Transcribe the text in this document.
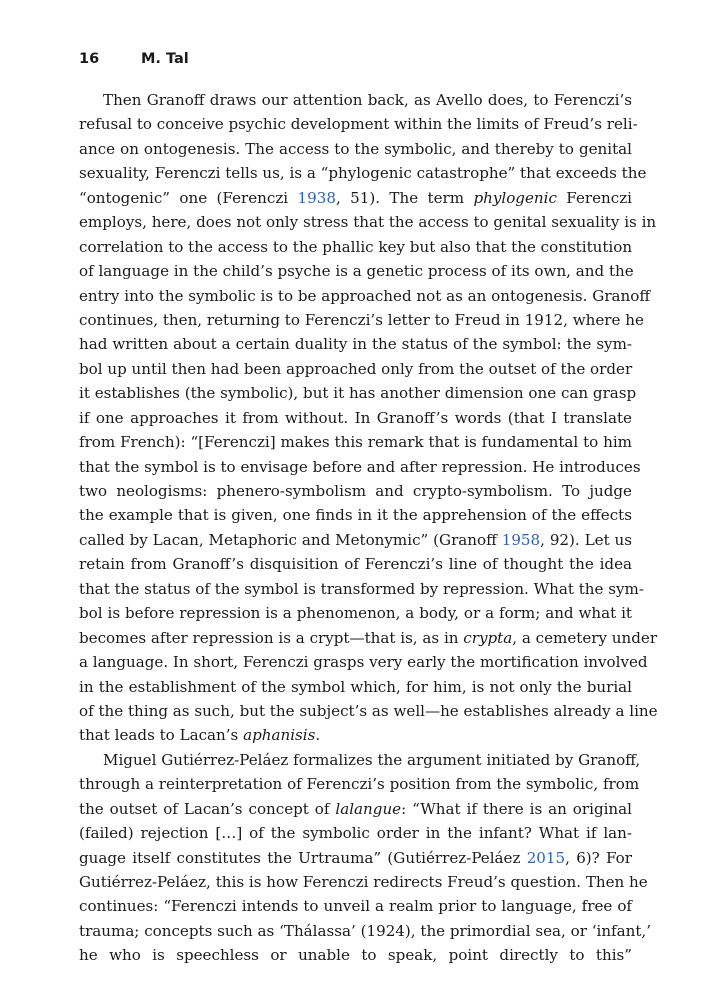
16	M. Tal
Then Granoff draws our attention back, as Avello does, to Ferenczi’s
refusal to conceive psychic development within the limits of Freud’s reli-
ance on ontogenesis. The access to the symbolic, and thereby to genital
sexuality, Ferenczi tells us, is a “phylogenic catastrophe” that exceeds the
“ontogenic” one (Ferenczi 1938, 51). The term phylogenic Ferenczi
employs, here, does not only stress that the access to genital sexuality is in
correlation to the access to the phallic key but also that the constitution
of language in the child’s psyche is a genetic process of its own, and the
entry into the symbolic is to be approached not as an ontogenesis. Granoff
continues, then, returning to Ferenczi’s letter to Freud in 1912, where he
had written about a certain duality in the status of the symbol: the sym-
bol up until then had been approached only from the outset of the order
it establishes (the symbolic), but it has another dimension one can grasp
if one approaches it from without. In Granoff’s words (that I translate
from French): “[Ferenczi] makes this remark that is fundamental to him
that the symbol is to envisage before and after repression. He introduces
two neologisms: phenero-symbolism and crypto-symbolism. To judge
the example that is given, one finds in it the apprehension of the effects
called by Lacan, Metaphoric and Metonymic” (Granoff 1958, 92). Let us
retain from Granoff’s disquisition of Ferenczi’s line of thought the idea
that the status of the symbol is transformed by repression. What the sym-
bol is before repression is a phenomenon, a body, or a form; and what it
becomes after repression is a crypt—that is, as in crypta, a cemetery under
a language. In short, Ferenczi grasps very early the mortification involved
in the establishment of the symbol which, for him, is not only the burial
of the thing as such, but the subject’s as well—he establishes already a line
that leads to Lacan’s aphanisis.
Miguel Gutiérrez-Peláez formalizes the argument initiated by Granoff,
through a reinterpretation of Ferenczi’s position from the symbolic, from
the outset of Lacan’s concept of lalangue: “What if there is an original
(failed) rejection […] of the symbolic order in the infant? What if lan-
guage itself constitutes the Urtrauma” (Gutiérrez-Peláez 2015, 6)? For
Gutiérrez-Peláez, this is how Ferenczi redirects Freud’s question. Then he
continues: “Ferenczi intends to unveil a realm prior to language, free of
trauma; concepts such as ‘Thálassa’ (1924), the primordial sea, or ‘infant,’
he who is speechless or unable to speak, point directly to this”
